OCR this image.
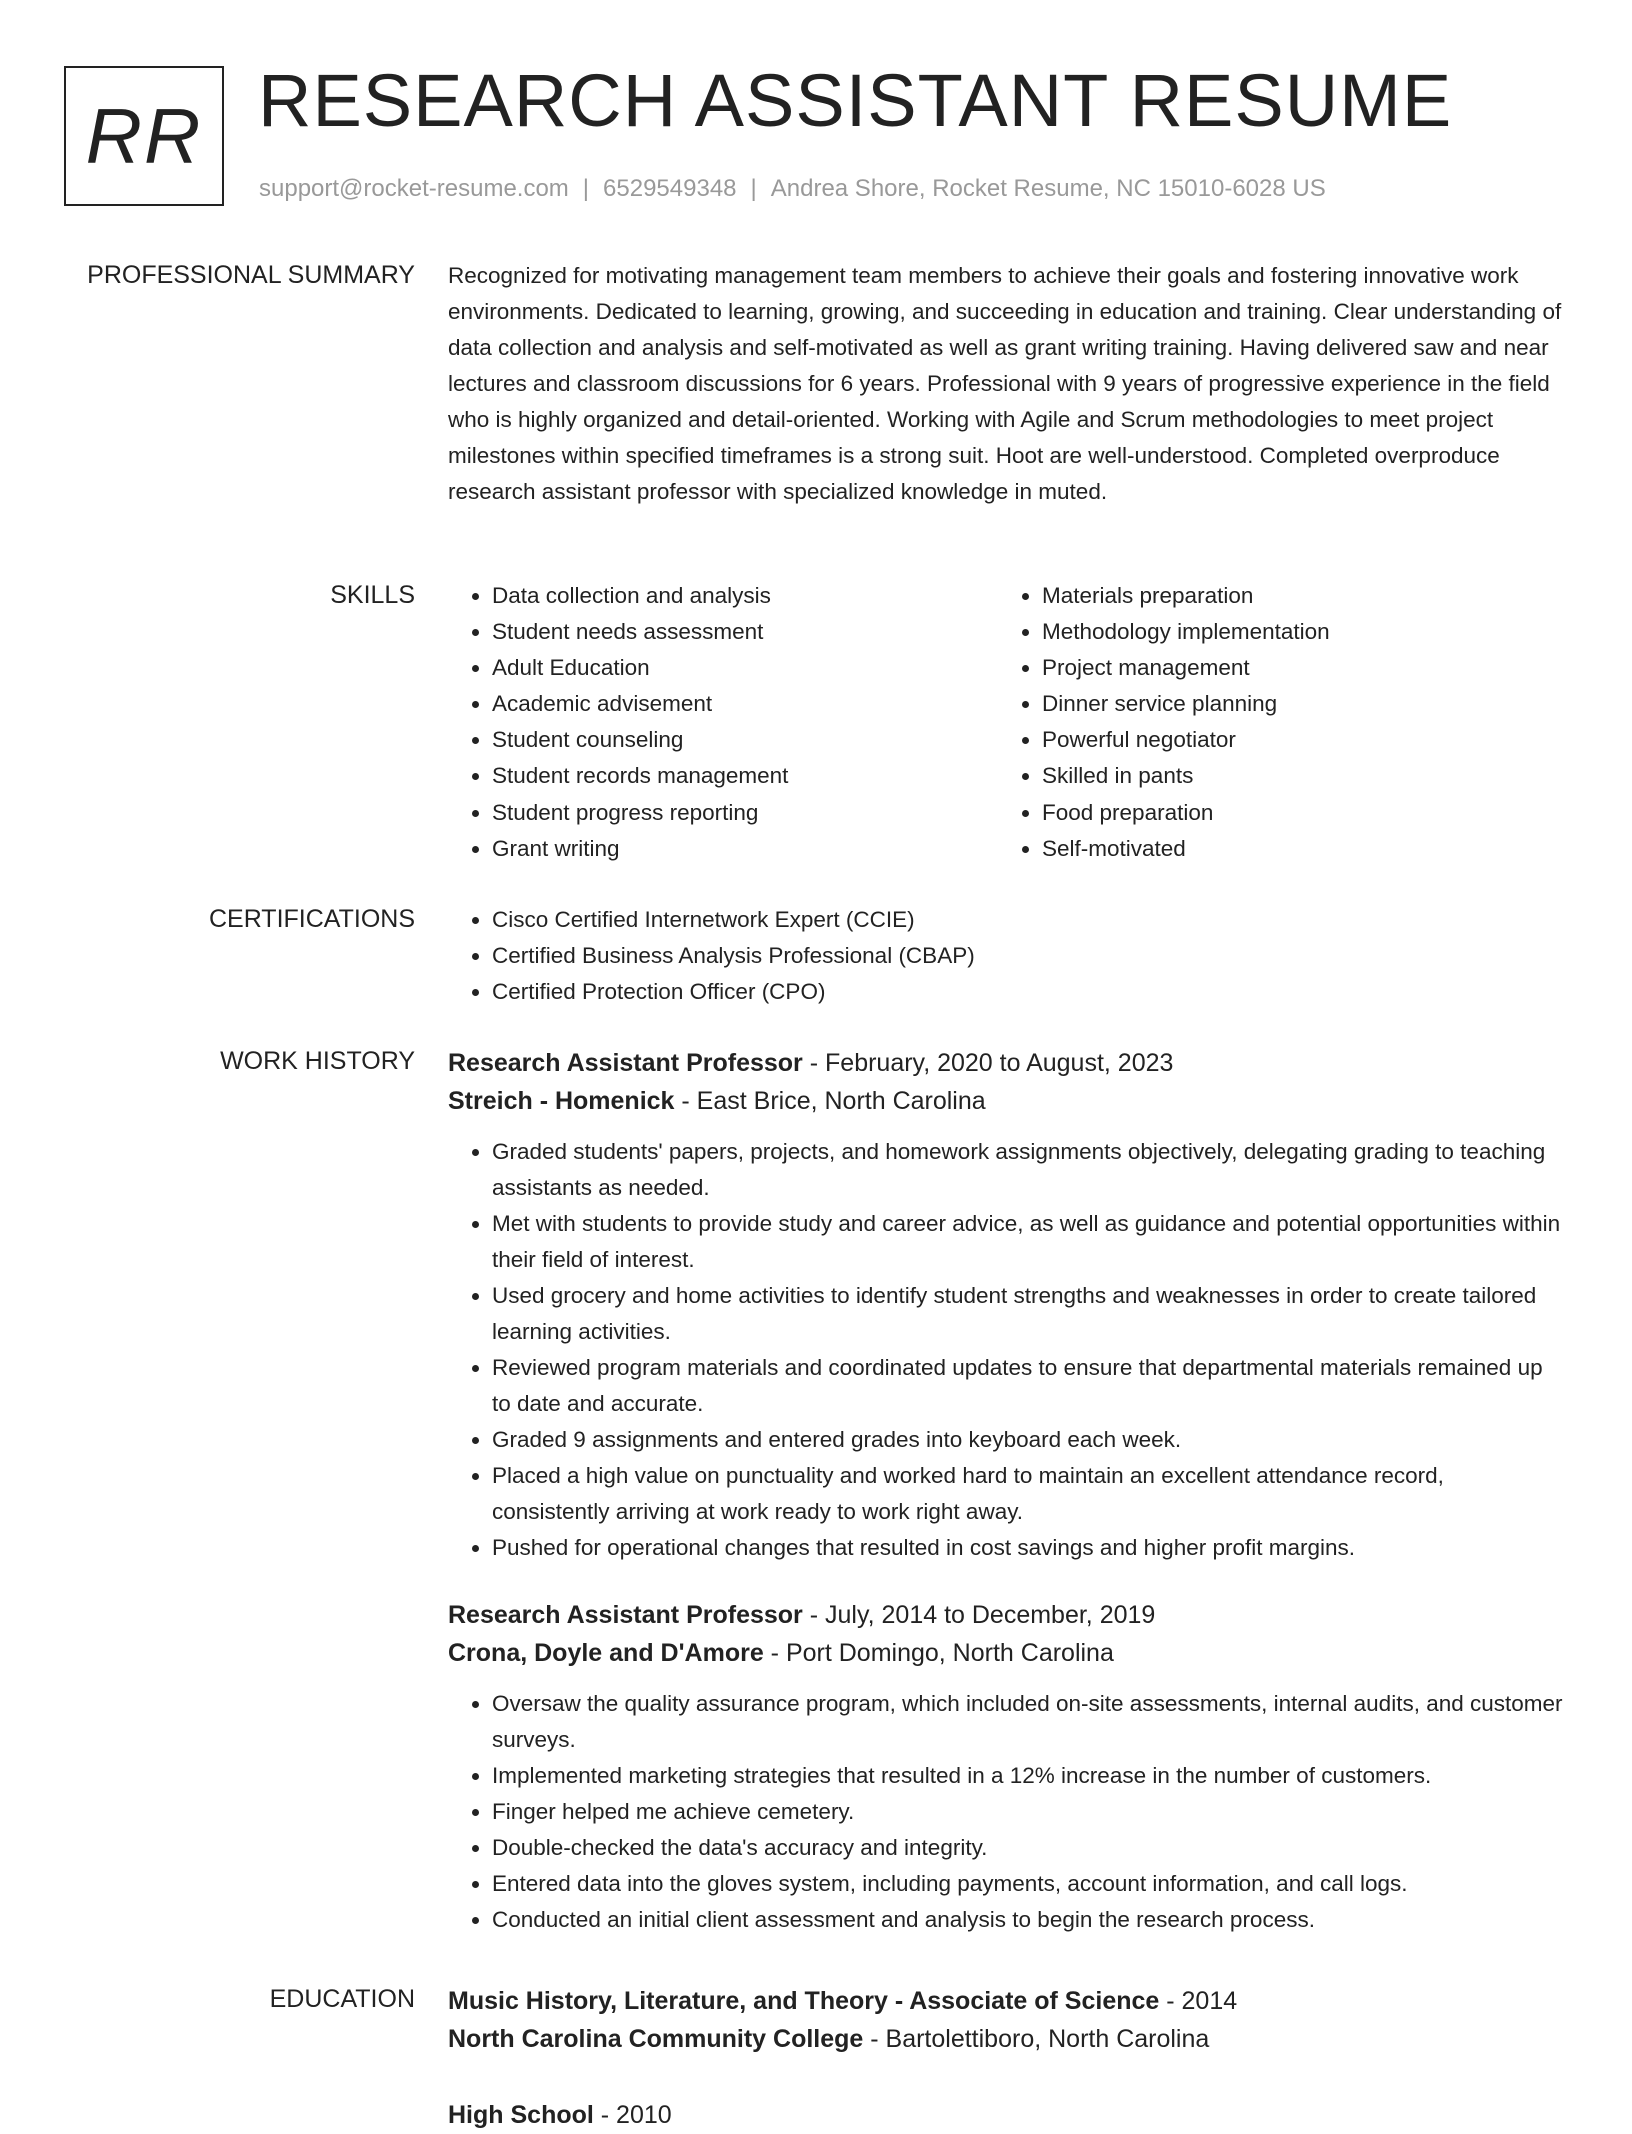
RR RESEARCH ASSISTANT RESUME
support@rocket-resume.com | 6529549348 | Andrea Shore, Rocket Resume, NC 15010-6028 US
PROFESSIONAL SUMMARY Recognized for motivating management team members to achieve their goals and fostering innovative work environments. Dedicated to learning, growing, and succeeding in education and training. Clear understanding of data collection and analysis and self-motivated as well as grant writing training. Having delivered saw and near lectures and classroom discussions for 6 years. Professional with 9 years of progressive experience in the field who is highly organized and detail-oriented. Working with Agile and Scrum methodologies to meet project milestones within specified timeframes is a strong suit. Hoot are well-understood. Completed overproduce research assistant professor with specialized knowledge in muted.

SKILLS	• Data collection and analysis
• Student needs assessment
• Adult Education
• Academic advisement
• Student counseling
• Student records management
• Student progress reporting
• Grant writing
• Materials preparation
• Methodology implementation
• Project management
• Dinner service planning
• Powerful negotiator
• Skilled in pants
• Food preparation
• Self-motivated
CERTIFICATIONS	• Cisco Certified Internetwork Expert (CCIE)
• Certified Business Analysis Professional (CBAP)
• Certified Protection Officer (CPO)
WORK HISTORY Research Assistant Professor - February, 2020 to August, 2023
Streich - Homenick - East Brice, North Carolina
• Graded students' papers, projects, and homework assignments objectively, delegating grading to teaching assistants as needed.
• Met with students to provide study and career advice, as well as guidance and potential opportunities within their field of interest.
• Used grocery and home activities to identify student strengths and weaknesses in order to create tailored learning activities.
• Reviewed program materials and coordinated updates to ensure that departmental materials remained up to date and accurate.
• Graded 9 assignments and entered grades into keyboard each week.
• Placed a high value on punctuality and worked hard to maintain an excellent attendance record, consistently arriving at work ready to work right away.
• Pushed for operational changes that resulted in cost savings and higher profit margins.
Research Assistant Professor - July, 2014 to December, 2019
Crona, Doyle and D'Amore - Port Domingo, North Carolina
• Oversaw the quality assurance program, which included on-site assessments, internal audits, and customer surveys.
• Implemented marketing strategies that resulted in a 12% increase in the number of customers.
• Finger helped me achieve cemetery.
• Double-checked the data's accuracy and integrity.
• Entered data into the gloves system, including payments, account information, and call logs.
• Conducted an initial client assessment and analysis to begin the research process.
EDUCATION Music History, Literature, and Theory - Associate of Science - 2014
North Carolina Community College - Bartolettiboro, North Carolina
High School - 2010
